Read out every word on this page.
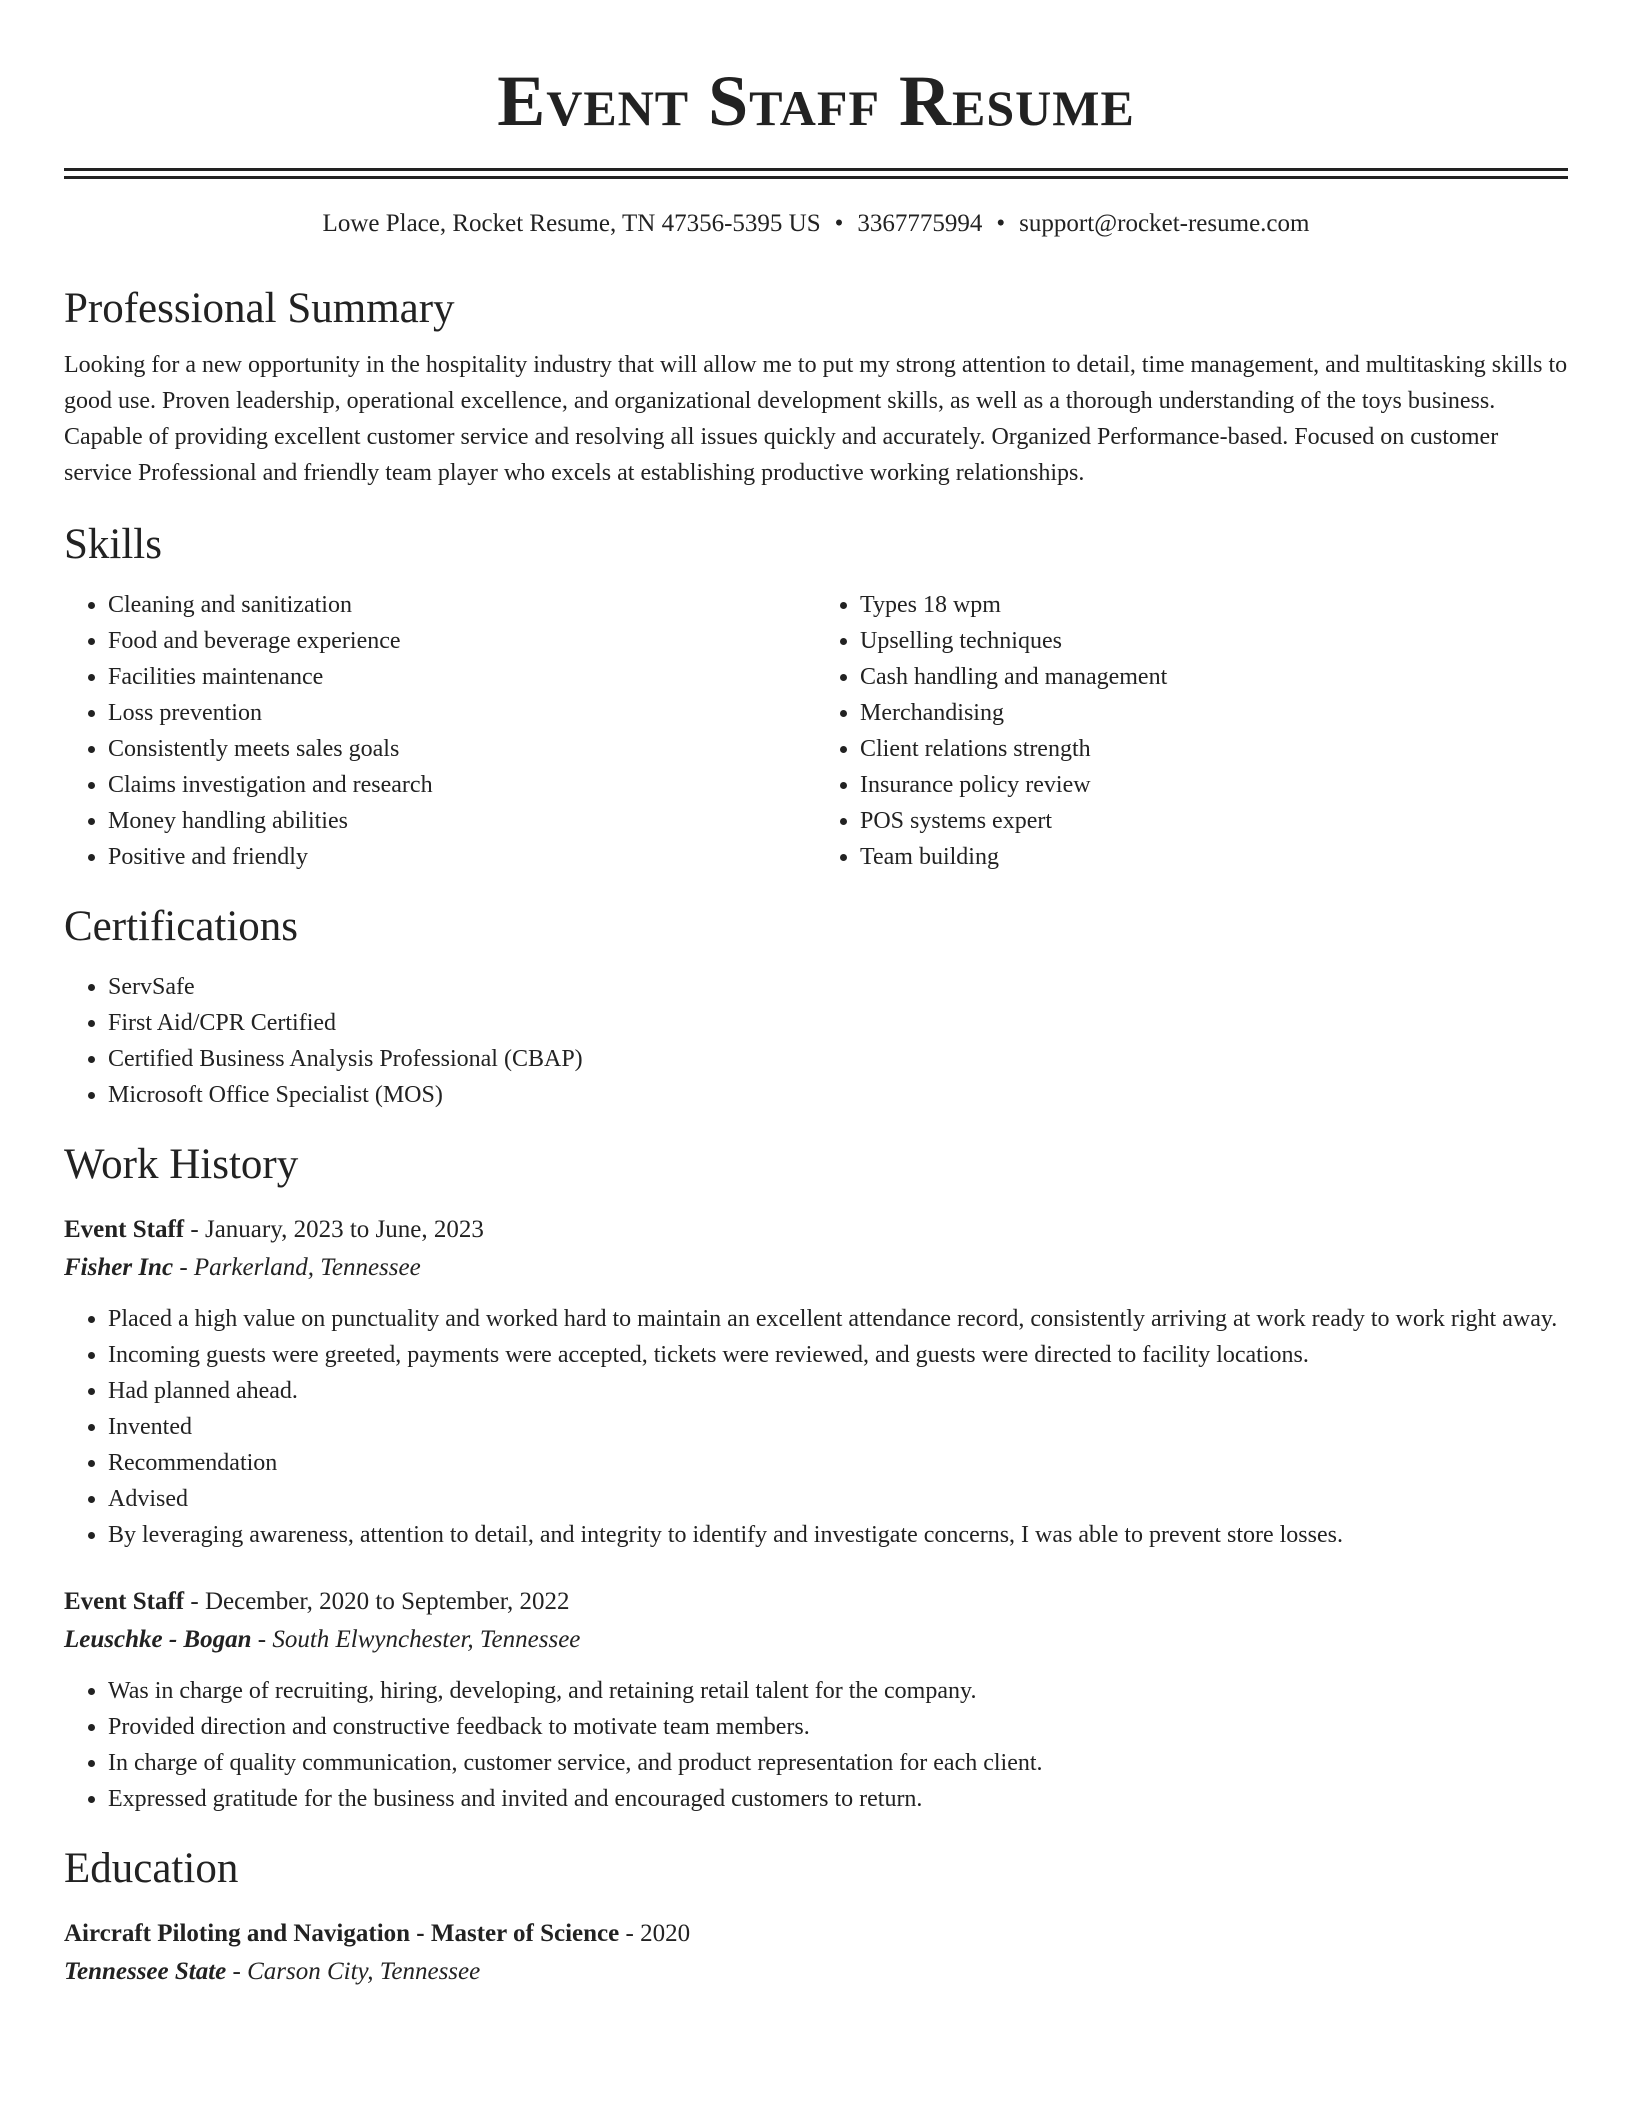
Event Staff Resume
Lowe Place, Rocket Resume, TN 47356-5395 US • 3367775994 • support@rocket-resume.com
Professional Summary

Looking for a new opportunity in the hospitality industry that will allow me to put my strong attention to detail, time management, and multitasking skills to good use. Proven leadership, operational excellence, and organizational development skills, as well as a thorough understanding of the toys business. Capable of providing excellent customer service and resolving all issues quickly and accurately. Organized Performance-based. Focused on customer service Professional and friendly team player who excels at establishing productive working relationships.

Skills
• Cleaning and sanitization
• Food and beverage experience
• Facilities maintenance
• Loss prevention
• Consistently meets sales goals
• Claims investigation and research
• Money handling abilities
• Positive and friendly
• Types 18 wpm
• Upselling techniques
• Cash handling and management
• Merchandising
• Client relations strength
• Insurance policy review
• POS systems expert
• Team building
Certifications
• ServSafe
• First Aid/CPR Certified
• Certified Business Analysis Professional (CBAP)
• Microsoft Office Specialist (MOS)
Work History
Event Staff - January, 2023 to June, 2023
Fisher Inc - Parkerland, Tennessee
• Placed a high value on punctuality and worked hard to maintain an excellent attendance record, consistently arriving at work ready to work right away.
• Incoming guests were greeted, payments were accepted, tickets were reviewed, and guests were directed to facility locations.
• Had planned ahead.
• Invented
• Recommendation
• Advised
• By leveraging awareness, attention to detail, and integrity to identify and investigate concerns, I was able to prevent store losses.
Event Staff - December, 2020 to September, 2022
Leuschke - Bogan - South Elwynchester, Tennessee
• Was in charge of recruiting, hiring, developing, and retaining retail talent for the company.
• Provided direction and constructive feedback to motivate team members.
• In charge of quality communication, customer service, and product representation for each client.
• Expressed gratitude for the business and invited and encouraged customers to return.
Education
Aircraft Piloting and Navigation - Master of Science - 2020
Tennessee State - Carson City, Tennessee
